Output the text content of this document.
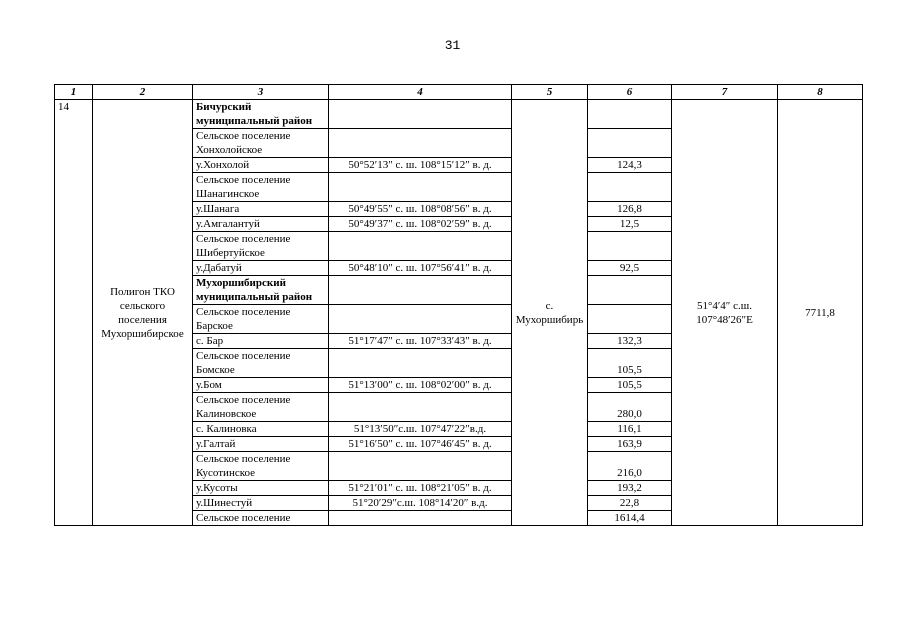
31
1	2	3	4	5	6	7	8
14	Полигон ТКО сельского поселения Мухоршибирское	Бичурский муниципальный район		с. Мухоршибирь		51°4′4″ с.ш. 107°48′26″E	7711,8
		Сельское поселение Хонхолойское					
		у.Хонхолой	50°52′13″ с. ш. 108°15′12″ в. д.		124,3		
		Сельское поселение Шанагинское					
		у.Шанага	50°49′55″ с. ш. 108°08′56″ в. д.		126,8		
		у.Амгалантуй	50°49′37″ с. ш. 108°02′59″ в. д.		12,5		
		Сельское поселение Шибертуйское					
		у.Дабатуй	50°48′10″ с. ш. 107°56′41″ в. д.		92,5		
		Мухоршибирский муниципальный район					
		Сельское поселение Барское					
		с. Бар	51°17′47″ с. ш. 107°33′43″ в. д.		132,3		
		Сельское поселение Бомское			105,5		
		у.Бом	51°13′00″ с. ш. 108°02′00″ в. д.		105,5		
		Сельское поселение Калиновское			280,0		
		с. Калиновка	51°13′50″с.ш. 107°47′22″в.д.		116,1		
		у.Галтай	51°16′50″ с. ш. 107°46′45″ в. д.		163,9		
		Сельское поселение Кусотинское			216,0		
		у.Кусоты	51°21′01″ с. ш. 108°21′05″ в. д.		193,2		
		у.Шинестуй	51°20′29″с.ш. 108°14′20″ в.д.		22,8		
		Сельское поселение			1614,4		
